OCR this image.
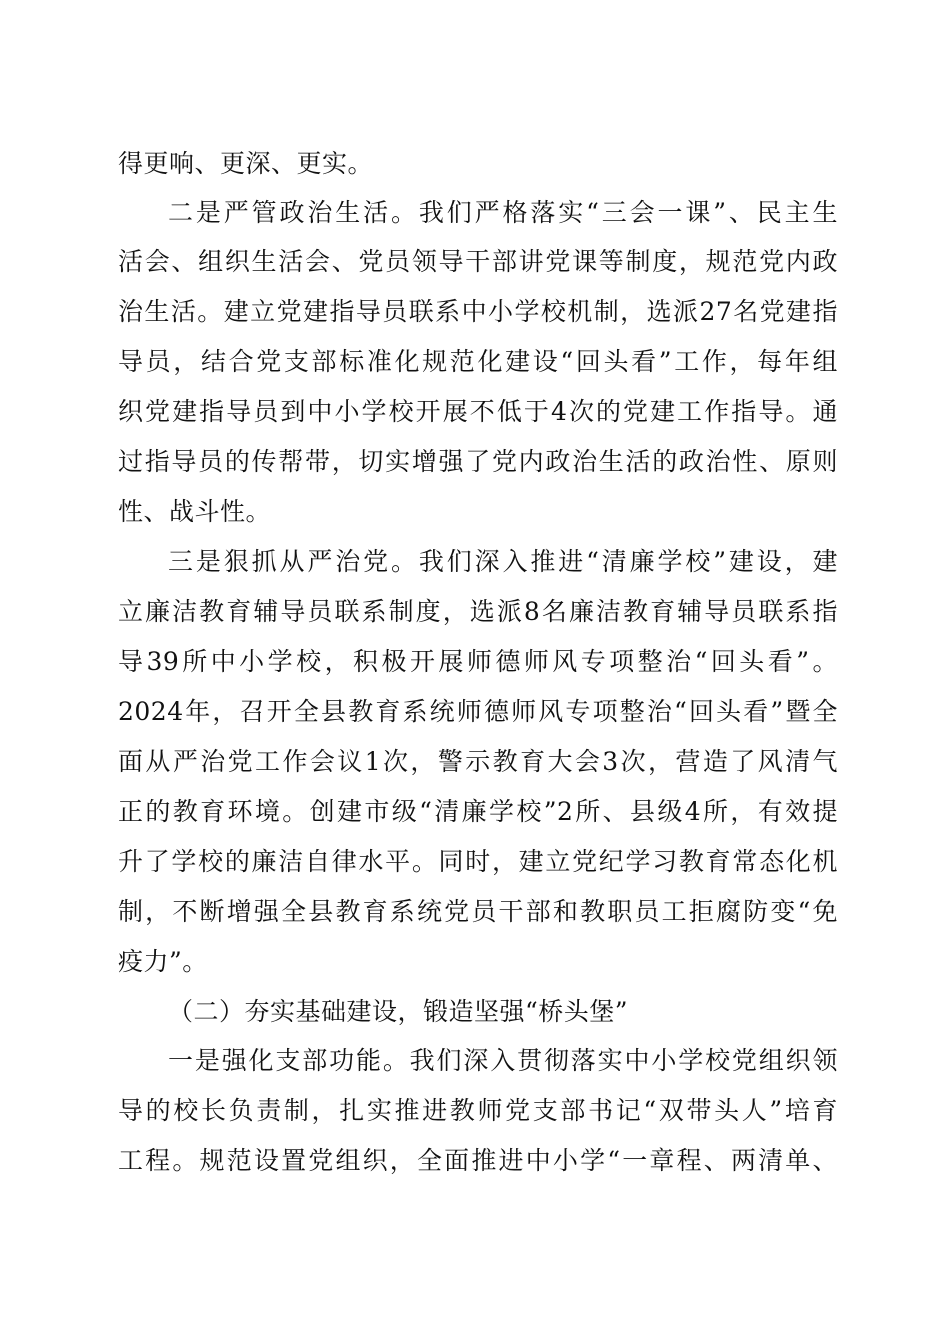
得更响、更深、更实。
二是严管政治生活。我们严格落实“三会一课”、民主生
活会、组织生活会、党员领导干部讲党课等制度，规范党内政
治生活。建立党建指导员联系中小学校机制，选派27名党建指
导员，结合党支部标准化规范化建设“回头看”工作，每年组
织党建指导员到中小学校开展不低于4次的党建工作指导。通
过指导员的传帮带，切实增强了党内政治生活的政治性、原则
性、战斗性。
三是狠抓从严治党。我们深入推进“清廉学校”建设，建
立廉洁教育辅导员联系制度，选派8名廉洁教育辅导员联系指
导39所中小学校，积极开展师德师风专项整治“回头看”。
2024年，召开全县教育系统师德师风专项整治“回头看”暨全
面从严治党工作会议1次，警示教育大会3次，营造了风清气
正的教育环境。创建市级“清廉学校”2所、县级4所，有效提
升了学校的廉洁自律水平。同时，建立党纪学习教育常态化机
制，不断增强全县教育系统党员干部和教职员工拒腐防变“免
疫力”。
（二）夯实基础建设，锻造坚强“桥头堡”
一是强化支部功能。我们深入贯彻落实中小学校党组织领
导的校长负责制，扎实推进教师党支部书记“双带头人”培育
工程。规范设置党组织，全面推进中小学“一章程、两清单、
